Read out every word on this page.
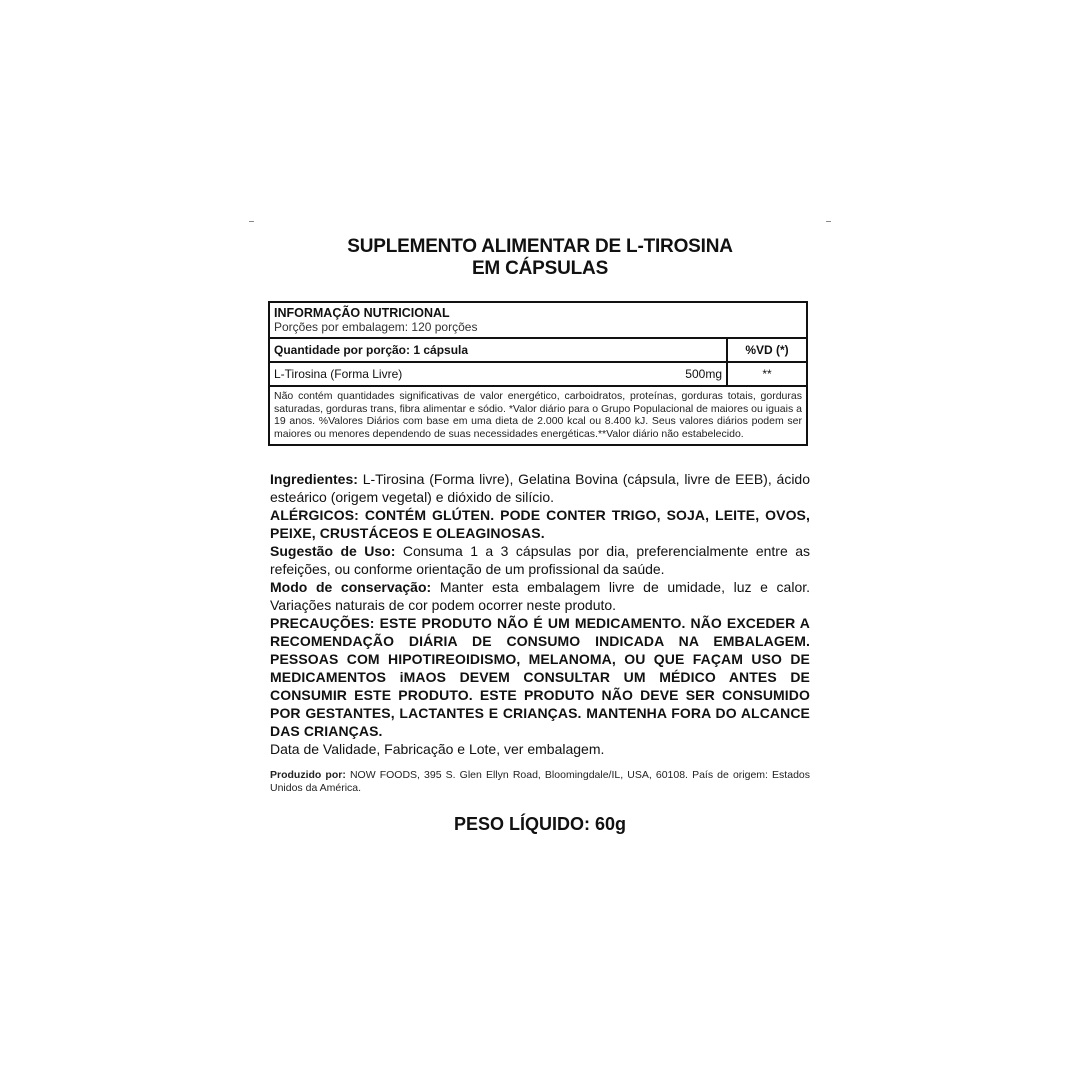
SUPLEMENTO ALIMENTAR DE L-TIROSINA
EM CÁPSULAS
INFORMAÇÃO NUTRICIONAL
Porções por embalagem: 120 porções
Quantidade por porção: 1 cápsula	%VD (*)
L-Tirosina (Forma Livre)	500mg	**
Não contém quantidades significativas de valor energético, carboidratos, proteínas, gorduras totais, gorduras saturadas, gorduras trans, fibra alimentar e sódio. *Valor diário para o Grupo Populacional de maiores ou iguais a 19 anos. %Valores Diários com base em uma dieta de 2.000 kcal ou 8.400 kJ. Seus valores diários podem ser maiores ou menores dependendo de suas necessidades energéticas.**Valor diário não estabelecido.

Ingredientes: L-Tirosina (Forma livre), Gelatina Bovina (cápsula, livre de EEB), ácido esteárico (origem vegetal) e dióxido de silício.

ALÉRGICOS: CONTÉM GLÚTEN. PODE CONTER TRIGO, SOJA, LEITE, OVOS, PEIXE, CRUSTÁCEOS E OLEAGINOSAS.

Sugestão de Uso: Consuma 1 a 3 cápsulas por dia, preferencialmente entre as refeições, ou conforme orientação de um profissional da saúde.

Modo de conservação: Manter esta embalagem livre de umidade, luz e calor. Variações naturais de cor podem ocorrer neste produto.

PRECAUÇÕES: ESTE PRODUTO NÃO É UM MEDICAMENTO. NÃO EXCEDER A RECOMENDAÇÃO DIÁRIA DE CONSUMO INDICADA NA EMBALAGEM. PESSOAS COM HIPOTIREOIDISMO, MELANOMA, OU QUE FAÇAM USO DE MEDICAMENTOS iMAOS DEVEM CONSULTAR UM MÉDICO ANTES DE CONSUMIR ESTE PRODUTO. ESTE PRODUTO NÃO DEVE SER CONSUMIDO POR GESTANTES, LACTANTES E CRIANÇAS. MANTENHA FORA DO ALCANCE DAS CRIANÇAS.

Data de Validade, Fabricação e Lote, ver embalagem.

Produzido por: NOW FOODS, 395 S. Glen Ellyn Road, Bloomingdale/IL, USA, 60108. País de origem: Estados Unidos da América.
PESO LÍQUIDO: 60g
